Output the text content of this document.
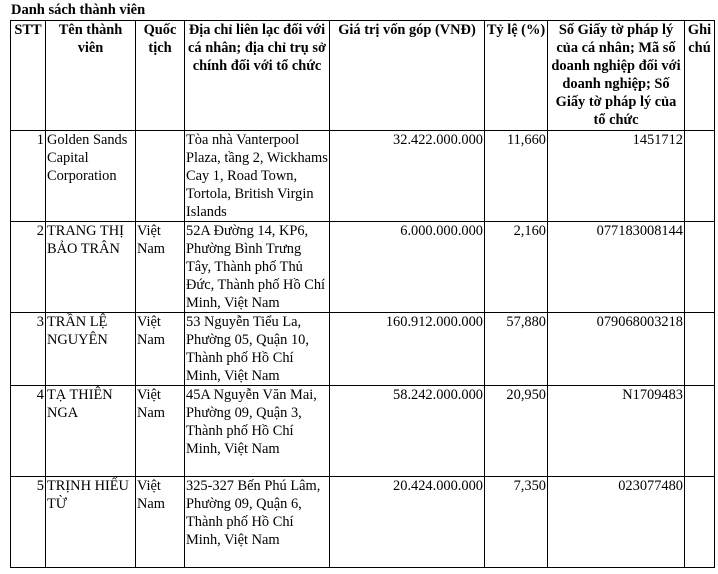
Danh sách thành viên
STT	Tên thành viên	Quốc tịch	Địa chỉ liên lạc đối với cá nhân; địa chỉ trụ sở chính đối với tổ chức	Giá trị vốn góp (VNĐ)	Tỷ lệ (%)	Số Giấy tờ pháp lý của cá nhân; Mã số doanh nghiệp đối với doanh nghiệp; Số Giấy tờ pháp lý của tổ chức	Ghi chú
1	Golden Sands Capital Corporation		Tòa nhà Vanterpool Plaza, tầng 2, Wickhams Cay 1, Road Town, Tortola, British Virgin Islands	32.422.000.000	11,660	1451712	
2	TRANG THỊ BẢO TRÂN	Việt Nam	52A Đường 14, KP6, Phường Bình Trưng Tây, Thành phố Thủ Đức, Thành phố Hồ Chí Minh, Việt Nam	6.000.000.000	2,160	077183008144	
3	TRẦN LỆ NGUYÊN	Việt Nam	53 Nguyễn Tiểu La, Phường 05, Quận 10, Thành phố Hồ Chí Minh, Việt Nam	160.912.000.000	57,880	079068003218	
4	TẠ THIÊN NGA	Việt Nam	45A Nguyễn Văn Mai, Phường 09, Quận 3, Thành phố Hồ Chí Minh, Việt Nam	58.242.000.000	20,950	N1709483	
5	TRỊNH HIẾU TỪ	Việt Nam	325-327 Bến Phú Lâm, Phường 09, Quận 6, Thành phố Hồ Chí Minh, Việt Nam	20.424.000.000	7,350	023077480	
